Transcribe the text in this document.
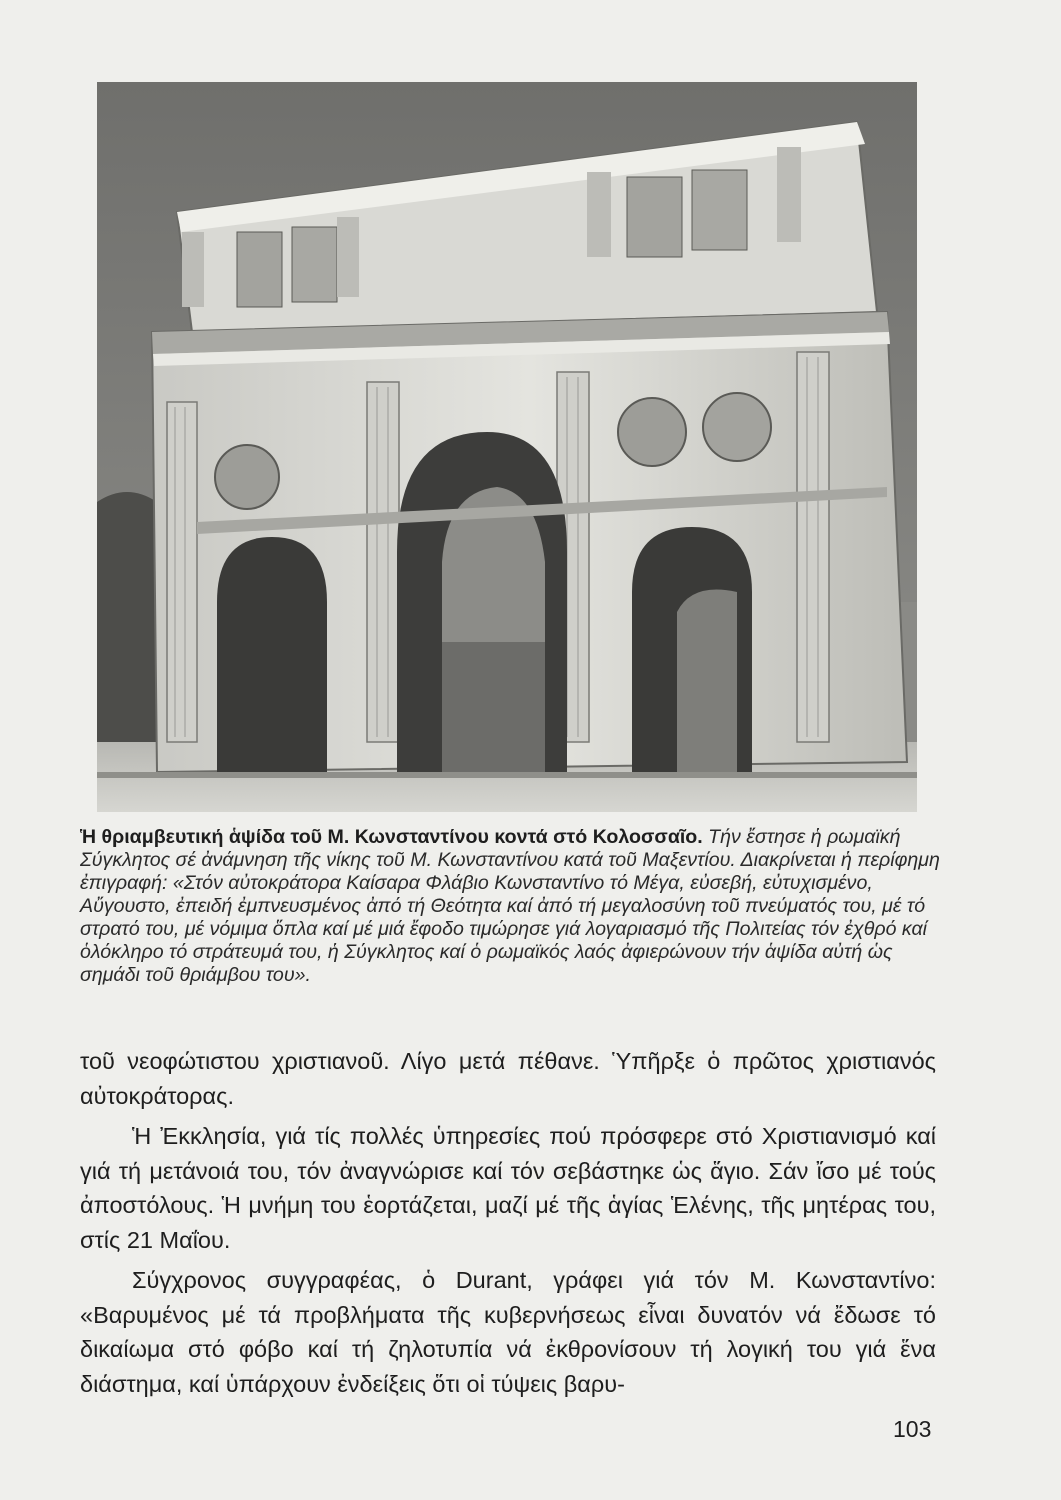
Ἡ θριαμβευτική ἁψίδα τοῦ Μ. Κωνσταντίνου κοντά στό Κολοσσαῖο. Τήν ἔστησε ἡ ρωμαϊκή Σύγκλητος σέ ἀνάμνηση τῆς νίκης τοῦ Μ. Κωνσταντίνου κατά τοῦ Μαξεντίου. Διακρίνεται ἡ περίφημη ἐπιγραφή: «Στόν αὐτοκράτορα Καίσαρα Φλάβιο Κωνσταντίνο τό Μέγα, εὐσεβή, εὐτυχισμένο, Αὔγουστο, ἐπειδή ἐμπνευσμένος ἀπό τή Θεότητα καί ἀπό τή μεγαλοσύνη τοῦ πνεύματός του, μέ τό στρατό του, μέ νόμιμα ὅπλα καί μέ μιά ἔφοδο τιμώρησε γιά λογαριασμό τῆς Πολιτείας τόν ἐχθρό καί ὁλόκληρο τό στράτευμά του, ἡ Σύγκλητος καί ὁ ρωμαϊκός λαός ἀφιερώνουν τήν ἁψίδα αὐτή ὡς σημάδι τοῦ θριάμβου του».

τοῦ νεοφώτιστου χριστιανοῦ. Λίγο μετά πέθανε. Ὑπῆρξε ὁ πρῶτος χριστιανός αὐτοκράτορας.

Ἡ Ἐκκλησία, γιά τίς πολλές ὑπηρεσίες πού πρόσφερε στό Χριστιανισμό καί γιά τή μετάνοιά του, τόν ἀναγνώρισε καί τόν σεβάστηκε ὡς ἅγιο. Σάν ἴσο μέ τούς ἀποστόλους. Ἡ μνήμη του ἑορτάζεται, μαζί μέ τῆς ἁγίας Ἑλένης, τῆς μητέρας του, στίς 21 Μαΐου.

Σύγχρονος συγγραφέας, ὁ Durant, γράφει γιά τόν Μ. Κωνσταντίνο: «Βαρυμένος μέ τά προβλήματα τῆς κυβερνήσεως εἶναι δυνατόν νά ἔδωσε τό δικαίωμα στό φόβο καί τή ζηλοτυπία νά ἐκθρονίσουν τή λογική του γιά ἕνα διάστημα, καί ὑπάρχουν ἐνδείξεις ὅτι οἱ τύψεις βαρυ-

103
